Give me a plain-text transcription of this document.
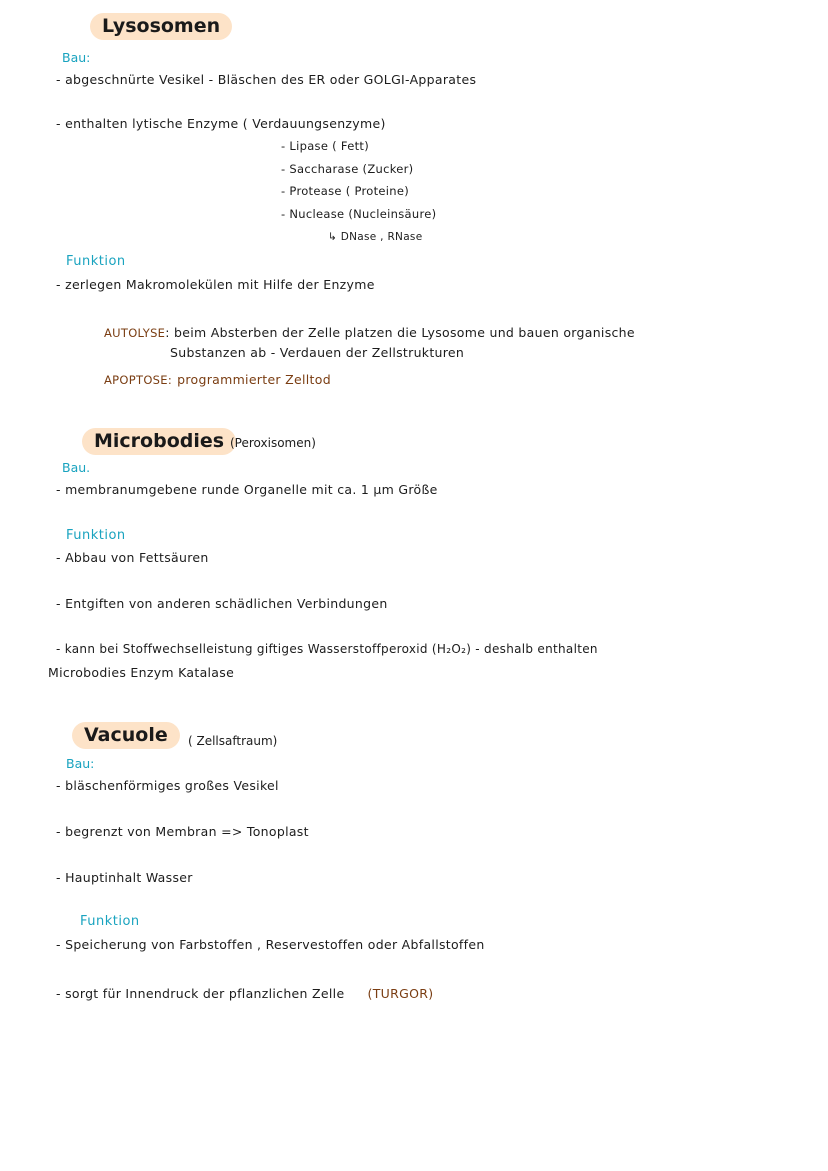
Lysosomen
Bau:
- abgeschnürte Vesikel - Bläschen des ER oder GOLGI-Apparates
- enthalten lytische Enzyme ( Verdauungsenzyme)
- Lipase ( Fett)
- Saccharase (Zucker)
- Protease ( Proteine)
- Nuclease (Nucleinsäure)
↳ DNase , RNase
Funktion
- zerlegen Makromolekülen mit Hilfe der Enzyme
AUTOLYSE: beim Absterben der Zelle platzen die Lysosome und bauen organische
Substanzen ab - Verdauen der Zellstrukturen
APOPTOSE: programmierter Zelltod
Microbodies (Peroxisomen)
Bau.
- membranumgebene runde Organelle mit ca. 1 µm Größe
Funktion
- Abbau von Fettsäuren
- Entgiften von anderen schädlichen Verbindungen
- kann bei Stoffwechselleistung giftiges Wasserstoffperoxid (H₂O₂) - deshalb enthalten
Microbodies Enzym Katalase
Vacuole	( Zellsaftraum)
Bau:
- bläschenförmiges großes Vesikel
- begrenzt von Membran => Tonoplast
- Hauptinhalt Wasser
Funktion
- Speicherung von Farbstoffen , Reservestoffen oder Abfallstoffen
- sorgt für Innendruck der pflanzlichen Zelle (TURGOR)
